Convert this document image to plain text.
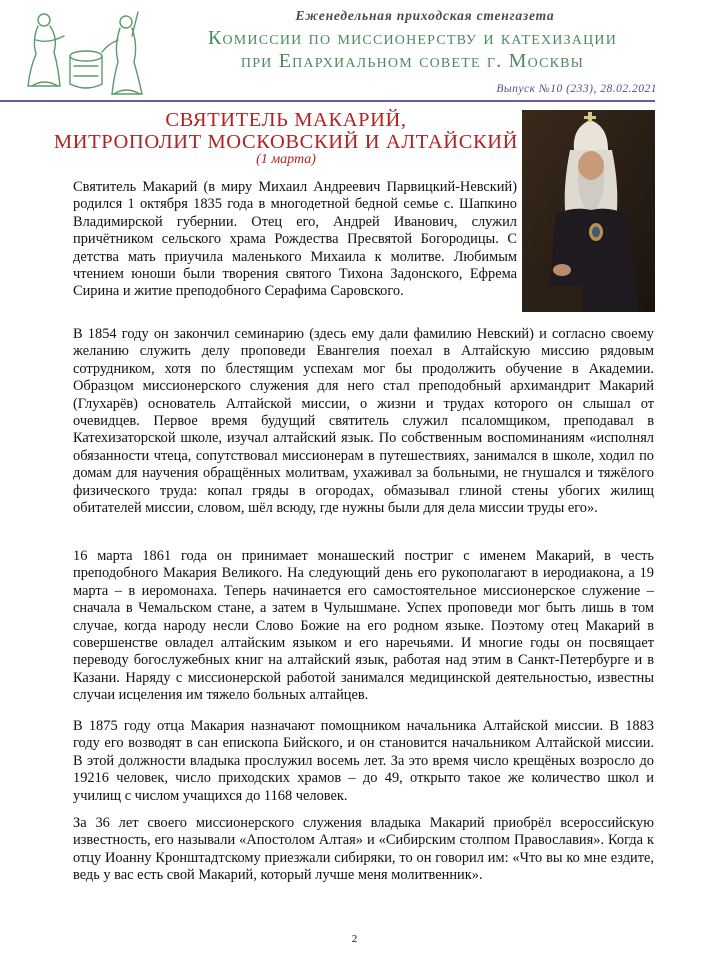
Еженедельная приходская стенгазета
Комиссии по миссионерству и катехизации
при Епархиальном совете г. Москвы
Выпуск №10 (233), 28.02.2021
СВЯТИТЕЛЬ МАКАРИЙ,
МИТРОПОЛИТ МОСКОВСКИЙ И АЛТАЙСКИЙ
(1 марта)
Святитель Макарий (в миру Михаил Андреевич Парвицкий-Невский) родился 1 октября 1835 года в многодетной бедной семье с. Шапкино Владимирской губернии. Отец его, Андрей Иванович, служил причётником сельского храма Рождества Пресвятой Богородицы. С детства мать приучила маленького Михаила к молитве. Любимым чтением юноши были творения святого Тихона Задонского, Ефрема Сирина и житие преподобного Серафима Саровского.
В 1854 году он закончил семинарию (здесь ему дали фамилию Невский) и согласно своему желанию служить делу проповеди Евангелия поехал в Алтайскую миссию рядовым сотрудником, хотя по блестящим успехам мог бы продолжить обучение в Академии. Образцом миссионерского служения для него стал преподобный архимандрит Макарий (Глухарёв) основатель Алтайской миссии, о жизни и трудах которого он слышал от очевидцев. Первое время будущий святитель служил псаломщиком, преподавал в Катехизаторской школе, изучал алтайский язык. По собственным воспоминаниям «исполнял обязанности чтеца, сопутствовал миссионерам в путешествиях, занимался в школе, ходил по домам для научения обращённых молитвам, ухаживал за больными, не гнушался и тяжёлого физического труда: копал гряды в огородах, обмазывал глиной стены убогих жилищ обитателей миссии, словом, шёл всюду, где нужны были для дела миссии труды его».
16 марта 1861 года он принимает монашеский постриг с именем Макарий, в честь преподобного Макария Великого. На следующий день его рукополагают в иеродиакона, а 19 марта – в иеромонаха. Теперь начинается его самостоятельное миссионерское служение – сначала в Чемальском стане, а затем в Чулышмане. Успех проповеди мог быть лишь в том случае, когда народу несли Слово Божие на его родном языке. Поэтому отец Макарий в совершенстве овладел алтайским языком и его наречьями. И многие годы он посвящает переводу богослужебных книг на алтайский язык, работая над этим в Санкт-Петербурге и в Казани. Наряду с миссионерской работой занимался медицинской деятельностью, известны случаи исцеления им тяжело больных алтайцев.
В 1875 году отца Макария назначают помощником начальника Алтайской миссии. В 1883 году его возводят в сан епископа Бийского, и он становится начальником Алтайской миссии. В этой должности владыка прослужил восемь лет. За это время число крещёных возросло до 19216 человек, число приходских храмов – до 49, открыто такое же количество школ и училищ с числом учащихся до 1168 человек.
За 36 лет своего миссионерского служения владыка Макарий приобрёл всероссийскую известность, его называли «Апостолом Алтая» и «Сибирским столпом Православия». Когда к отцу Иоанну Кронштадтскому приезжали сибиряки, то он говорил им: «Что вы ко мне ездите, ведь у вас есть свой Макарий, который лучше меня молитвенник».
2
